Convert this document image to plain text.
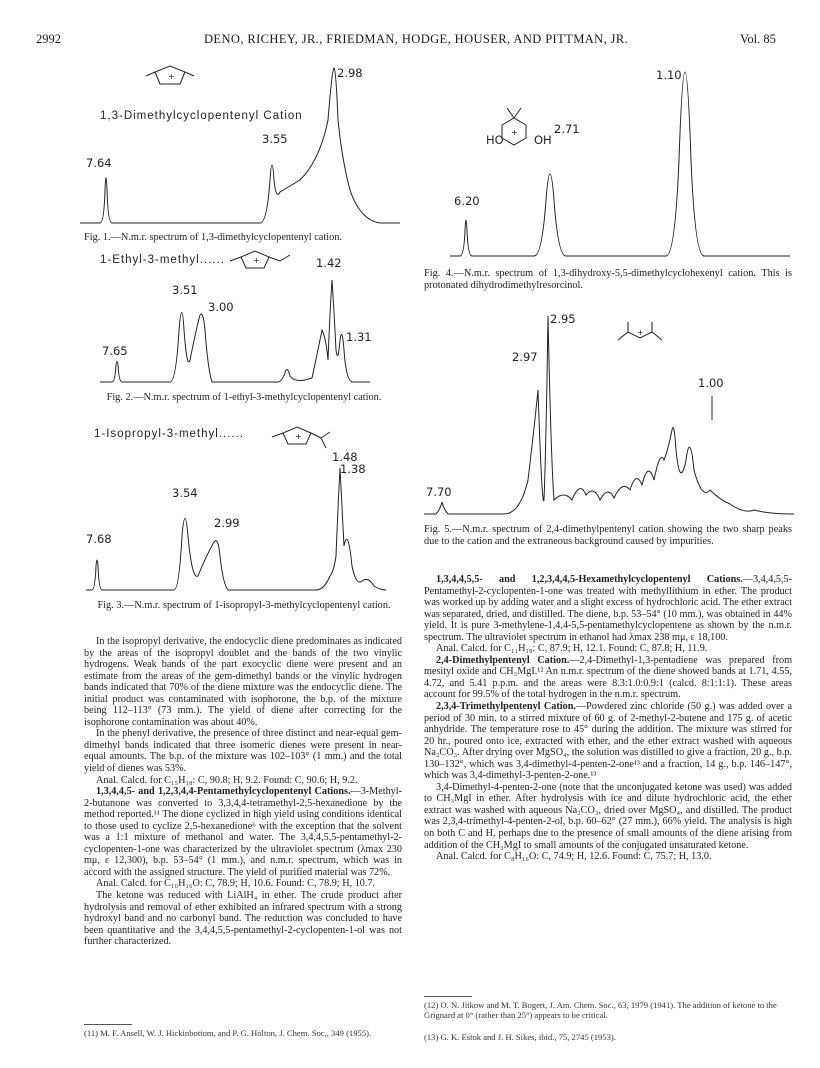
2992	DENO, RICHEY, JR., FRIEDMAN, HODGE, HOUSER, AND PITTMAN, JR.	Vol. 85
+
1,3-Dimethylcyclopentenyl Cation
2.98
3.55
7.64
Fig. 1.—N.m.r. spectrum of 1,3-dimethylcyclopentenyl cation.
1-Ethyl-3-methyl......	+	1.42
3.51
3.00
1.31
7.65
Fig. 2.—N.m.r. spectrum of 1-ethyl-3-methylcyclopentenyl cation.
1-Isopropyl-3-methyl......	+
1.48
1.38
3.54
2.99
7.68
Fig. 3.—N.m.r. spectrum of 1-isopropyl-3-methylcyclopentenyl cation.

In the isopropyl derivative, the endocyclic diene predominates as indicated by the areas of the isopropyl doublet and the bands of the two vinylic hydrogens. Weak bands of the part exocyclic diene were present and an estimate from the areas of the gem-dimethyl bands or the vinylic hydrogen bands indicated that 70% of the diene mixture was the endocyclic diene. The initial product was contaminated with isophorone, the b.p. of the mixture being 112–113° (73 mm.). The yield of diene after correcting for the isophorone contamination was about 40%.

In the phenyl derivative, the presence of three distinct and near-equal gem-dimethyl bands indicated that three isomeric dienes were present in near-equal amounts. The b.p. of the mixture was 102–103° (1 mm.) and the total yield of dienes was 53%.

Anal. Calcd. for C₁₅H₁₈: C, 90.8; H, 9.2. Found: C, 90.6; H, 9.2.

1,3,4,4,5- and 1,2,3,4,4-Pentamethylcyclopentenyl Cations.—3-Methyl-2-butanone was converted to 3,3,4,4-tetramethyl-2,5-hexanedione by the method reported.¹¹ The dione cyclized in high yield using conditions identical to those used to cyclize 2,5-hexanedione⁶ with the exception that the solvent was a 1:1 mixture of methanol and water. The 3,4,4,5,5-pentamethyl-2-cyclopenten-1-one was characterized by the ultraviolet spectrum (λmax 230 mμ, ε 12,300), b.p. 53–54° (1 mm.), and n.m.r. spectrum, which was in accord with the assigned structure. The yield of purified material was 72%.

Anal. Calcd. for C₁₀H₁₆O: C, 78.9; H, 10.6. Found: C, 78.9; H, 10.7.

The ketone was reduced with LiAlH₄ in ether. The crude product after hydrolysis and removal of ether exhibited an infrared spectrum with a strong hydroxyl band and no carbonyl band. The reduction was concluded to have been quantitative and the 3,4,4,5,5-pentamethyl-2-cyclopenten-1-ol was not further characterized.

(11) M. F. Ansell, W. J. Hickinbottom, and P. G. Holton, J. Chem. Soc., 349 (1955).
+
HO	OH
1.10
2.71
6.20
Fig. 4.—N.m.r. spectrum of 1,3-dihydroxy-5,5-dimethylcyclohexenyl cation. This is protonated dihydrodimethylresorcinol.
2.95
+
2.97
1.00
7.70
Fig. 5.—N.m.r. spectrum of 2,4-dimethylpentenyl cation showing the two sharp peaks due to the cation and the extraneous background caused by impurities.

1,3,4,4,5,5- and 1,2,3,4,4,5-Hexamethylcyclopentenyl Cations.—3,4,4,5,5-Pentamethyl-2-cyclopenten-1-one was treated with methyllithium in ether. The product was worked up by adding water and a slight excess of hydrochloric acid. The ether extract was separated, dried, and distilled. The diene, b.p. 53–54° (10 mm.), was obtained in 44% yield. It is pure 3-methylene-1,4,4-5,5-pentamethylcyclopentene as shown by the n.m.r. spectrum. The ultraviolet spectrum in ethanol had λmax 238 mμ, ε 18,100.

Anal. Calcd. for C₁₁H₁₈: C, 87.9; H, 12.1. Found: C, 87.8; H, 11.9.

2,4-Dimethylpentenyl Cation.—2,4-Dimethyl-1,3-pentadiene was prepared from mesityl oxide and CH₃MgI.¹² An n.m.r. spectrum of the diene showed bands at 1.71, 4.55, 4.72, and 5.41 p.p.m. and the areas were 8.3:1.0:0.9:1 (calcd. 8:1:1:1). These areas account for 99.5% of the total hydrogen in the n.m.r. spectrum.

2,3,4-Trimethylpentenyl Cation.—Powdered zinc chloride (50 g.) was added over a period of 30 min. to a stirred mixture of 60 g. of 2-methyl-2-butene and 175 g. of acetic anhydride. The temperature rose to 45° during the addition. The mixture was stirred for 20 hr., poured onto ice, extracted with ether, and the ether extract washed with aqueous Na₂CO₃. After drying over MgSO₄, the solution was distilled to give a fraction, 20 g., b.p. 130–132°, which was 3,4-dimethyl-4-penten-2-one¹³ and a fraction, 14 g., b.p. 146–147°, which was 3,4-dimethyl-3-penten-2-one.¹³

3,4-Dimethyl-4-penten-2-one (note that the unconjugated ketone was used) was added to CH₃MgI in ether. After hydrolysis with ice and dilute hydrochloric acid, the ether extract was washed with aqueous Na₂CO₃, dried over MgSO₄, and distilled. The product was 2,3,4-trimethyl-4-penten-2-ol, b.p. 60–62° (27 mm.), 66% yield. The analysis is high on both C and H, perhaps due to the presence of small amounts of the diene arising from addition of the CH₃MgI to small amounts of the conjugated unsaturated ketone.

Anal. Calcd. for C₈H₁₆O: C, 74.9; H, 12.6. Found: C, 75.7; H, 13.0.

(12) O. N. Jitkow and M. T. Bogert, J. Am. Chem. Soc., 63, 1979 (1941). The addition of ketone to the Grignard at 0° (rather than 25°) appears to be critical.
(13) G. K. Estok and J. H. Sikes, ibid., 75, 2745 (1953).
